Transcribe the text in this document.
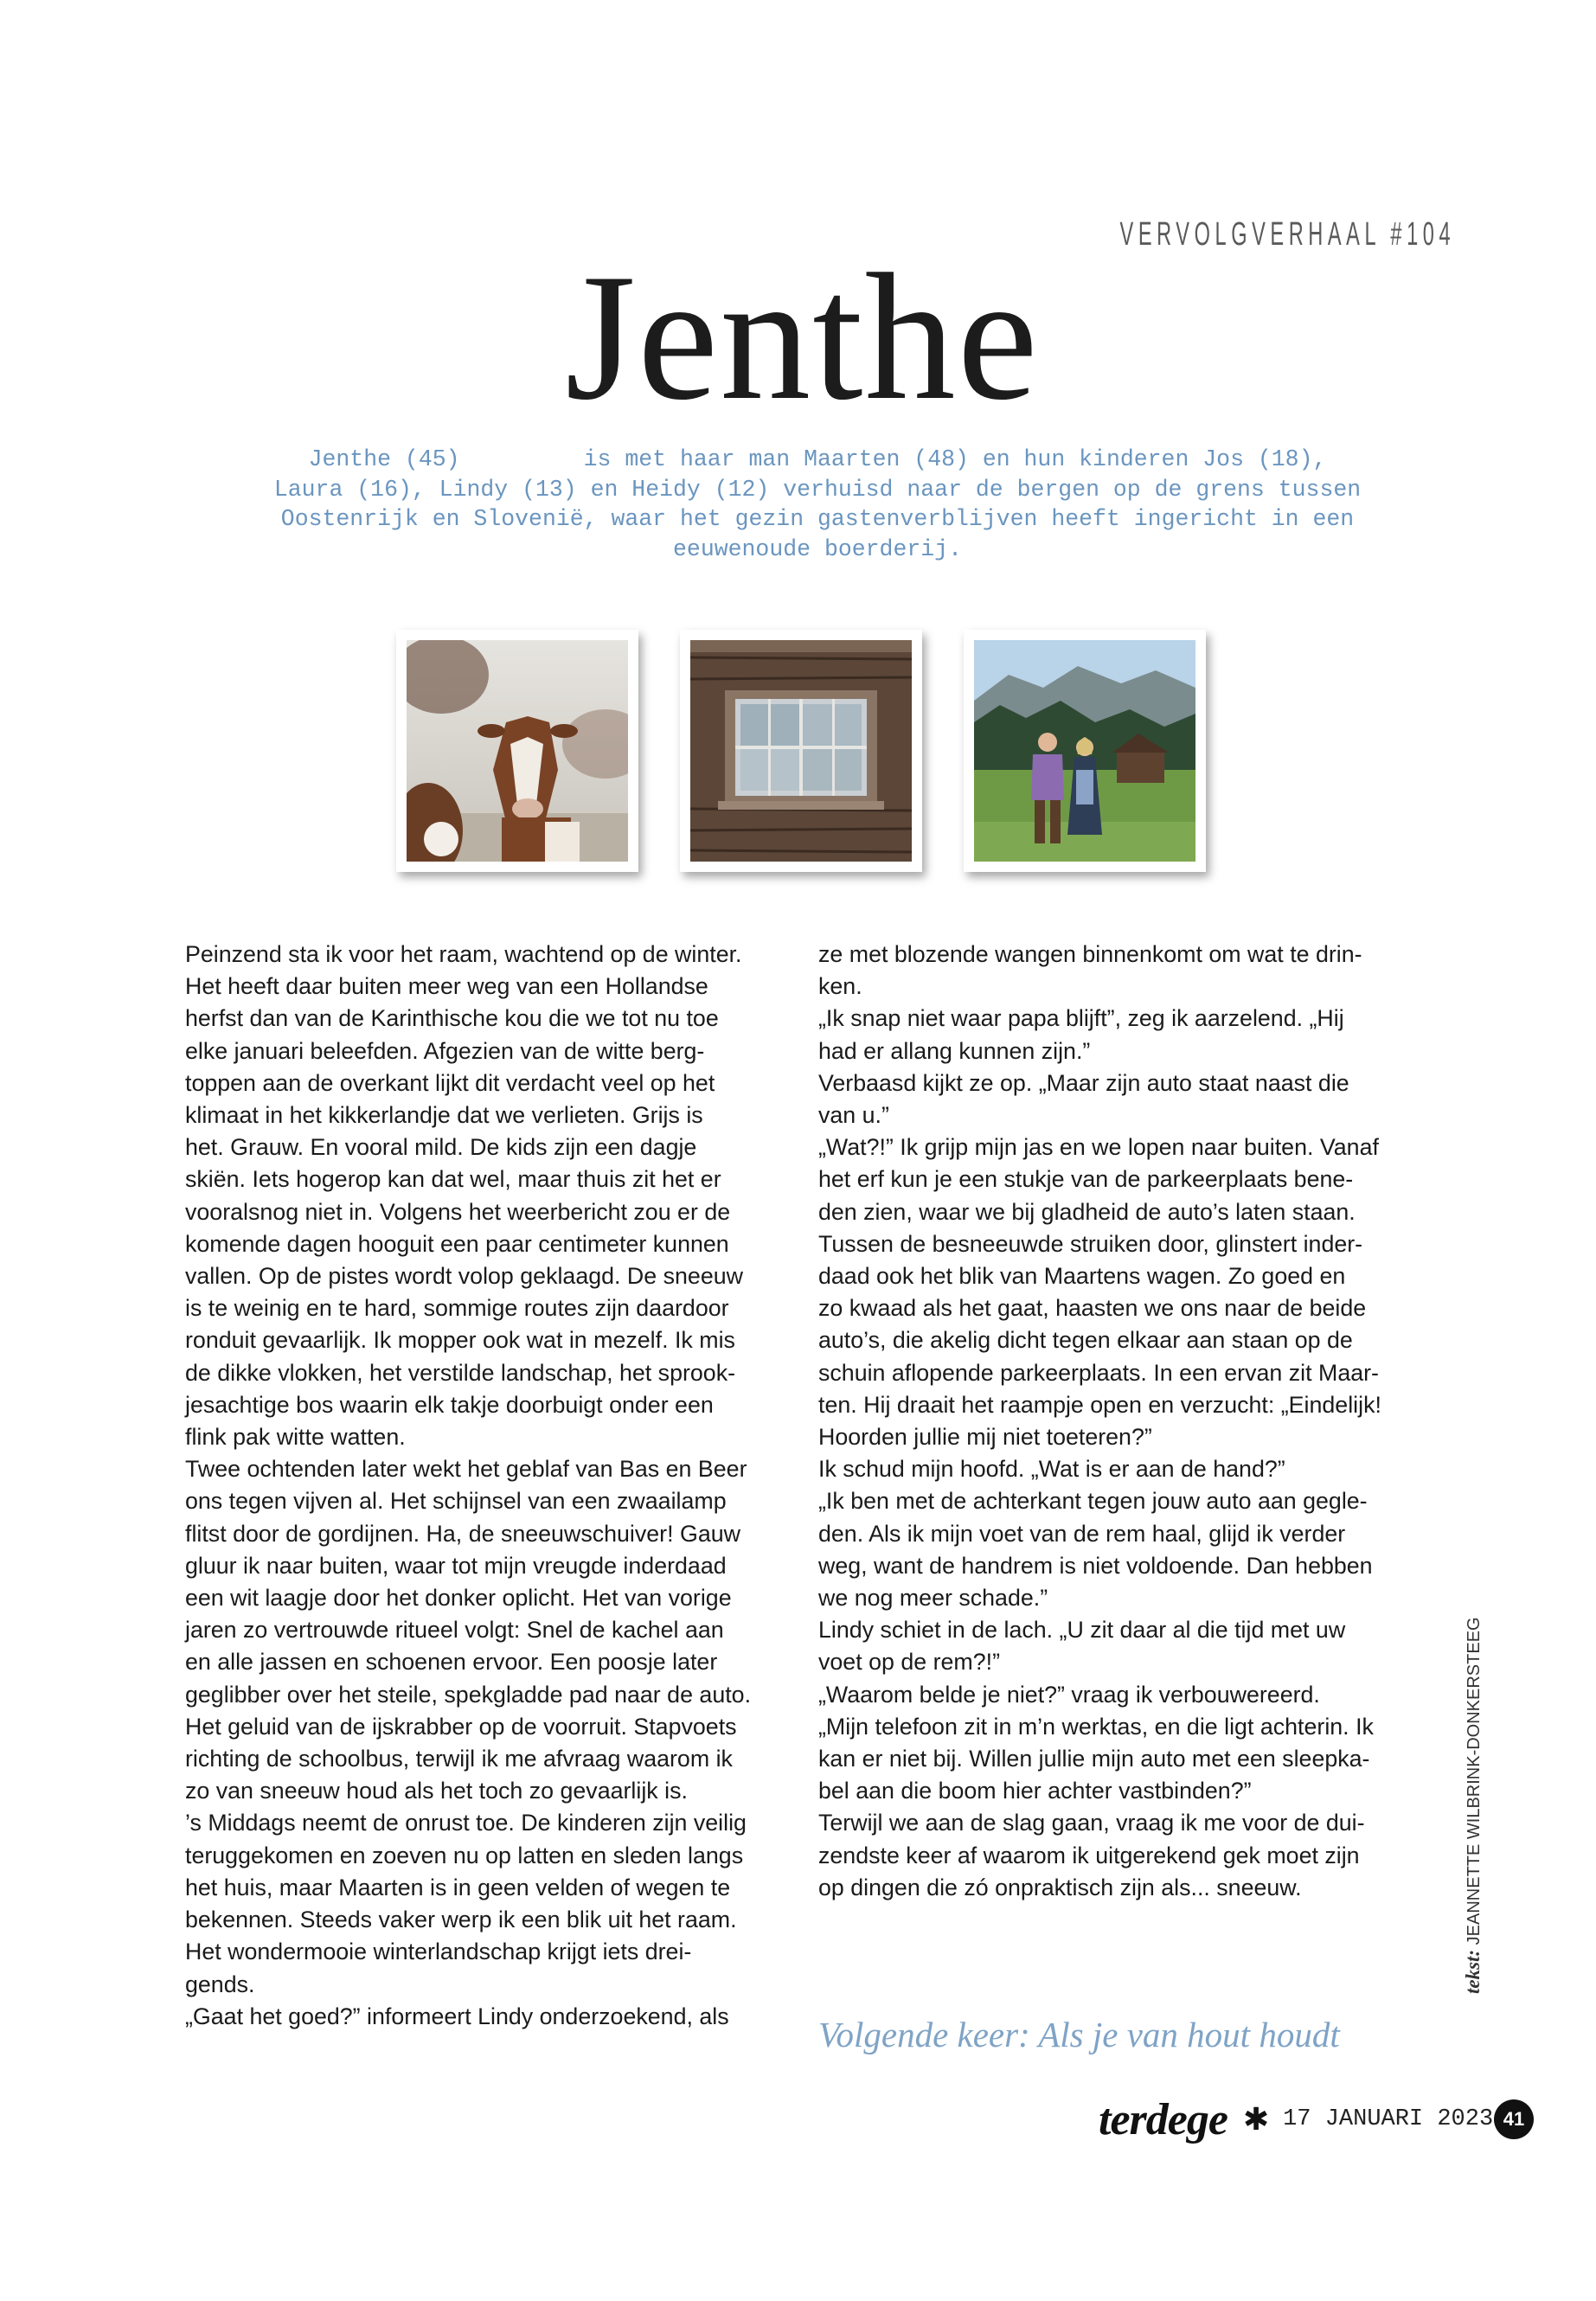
VERVOLGVERHAAL #104
Jenthe
Jenthe (45)         is met haar man Maarten (48) en hun kinderen Jos (18),
Laura (16), Lindy (13) en Heidy (12) verhuisd naar de bergen op de grens tussen
Oostenrijk en Slovenië, waar het gezin gastenverblijven heeft ingericht in een
eeuwenoude boerderij.
Peinzend sta ik voor het raam, wachtend op de winter.
Het heeft daar buiten meer weg van een Hollandse
herfst dan van de Karinthische kou die we tot nu toe
elke januari beleefden. Afgezien van de witte berg-
toppen aan de overkant lijkt dit verdacht veel op het
klimaat in het kikkerlandje dat we verlieten. Grijs is
het. Grauw. En vooral mild. De kids zijn een dagje
skiën. Iets hogerop kan dat wel, maar thuis zit het er
vooralsnog niet in. Volgens het weerbericht zou er de
komende dagen hooguit een paar centimeter kunnen
vallen. Op de pistes wordt volop geklaagd. De sneeuw
is te weinig en te hard, sommige routes zijn daardoor
ronduit gevaarlijk. Ik mopper ook wat in mezelf. Ik mis
de dikke vlokken, het verstilde landschap, het sprook-
jesachtige bos waarin elk takje doorbuigt onder een
flink pak witte watten.
Twee ochtenden later wekt het geblaf van Bas en Beer
ons tegen vijven al. Het schijnsel van een zwaailamp
flitst door de gordijnen. Ha, de sneeuwschuiver! Gauw
gluur ik naar buiten, waar tot mijn vreugde inderdaad
een wit laagje door het donker oplicht. Het van vorige
jaren zo vertrouwde ritueel volgt: Snel de kachel aan
en alle jassen en schoenen ervoor. Een poosje later
geglibber over het steile, spekgladde pad naar de auto.
Het geluid van de ijskrabber op de voorruit. Stapvoets
richting de schoolbus, terwijl ik me afvraag waarom ik
zo van sneeuw houd als het toch zo gevaarlijk is.
’s Middags neemt de onrust toe. De kinderen zijn veilig
teruggekomen en zoeven nu op latten en sleden langs
het huis, maar Maarten is in geen velden of wegen te
bekennen. Steeds vaker werp ik een blik uit het raam.
Het wondermooie winterlandschap krijgt iets drei-
gends.
„Gaat het goed?” informeert Lindy onderzoekend, als
ze met blozende wangen binnenkomt om wat te drin-
ken.
„Ik snap niet waar papa blijft”, zeg ik aarzelend. „Hij
had er allang kunnen zijn.”
Verbaasd kijkt ze op. „Maar zijn auto staat naast die
van u.”
„Wat?!” Ik grijp mijn jas en we lopen naar buiten. Vanaf
het erf kun je een stukje van de parkeerplaats bene-
den zien, waar we bij gladheid de auto’s laten staan.
Tussen de besneeuwde struiken door, glinstert inder-
daad ook het blik van Maartens wagen. Zo goed en
zo kwaad als het gaat, haasten we ons naar de beide
auto’s, die akelig dicht tegen elkaar aan staan op de
schuin aflopende parkeerplaats. In een ervan zit Maar-
ten. Hij draait het raampje open en verzucht: „Eindelijk!
Hoorden jullie mij niet toeteren?”
Ik schud mijn hoofd. „Wat is er aan de hand?”
„Ik ben met de achterkant tegen jouw auto aan gegle-
den. Als ik mijn voet van de rem haal, glijd ik verder
weg, want de handrem is niet voldoende. Dan hebben
we nog meer schade.”
Lindy schiet in de lach. „U zit daar al die tijd met uw
voet op de rem?!”
„Waarom belde je niet?” vraag ik verbouwereerd.
„Mijn telefoon zit in m’n werktas, en die ligt achterin. Ik
kan er niet bij. Willen jullie mijn auto met een sleepka-
bel aan die boom hier achter vastbinden?”
Terwijl we aan de slag gaan, vraag ik me voor de dui-
zendste keer af waarom ik uitgerekend gek moet zijn
op dingen die zó onpraktisch zijn als... sneeuw.
Volgende keer: Als je van hout houdt
tekst: JEANNETTE WILBRINK-DONKERSTEEG
terdege ✱ 17 JANUARI 2023 41
